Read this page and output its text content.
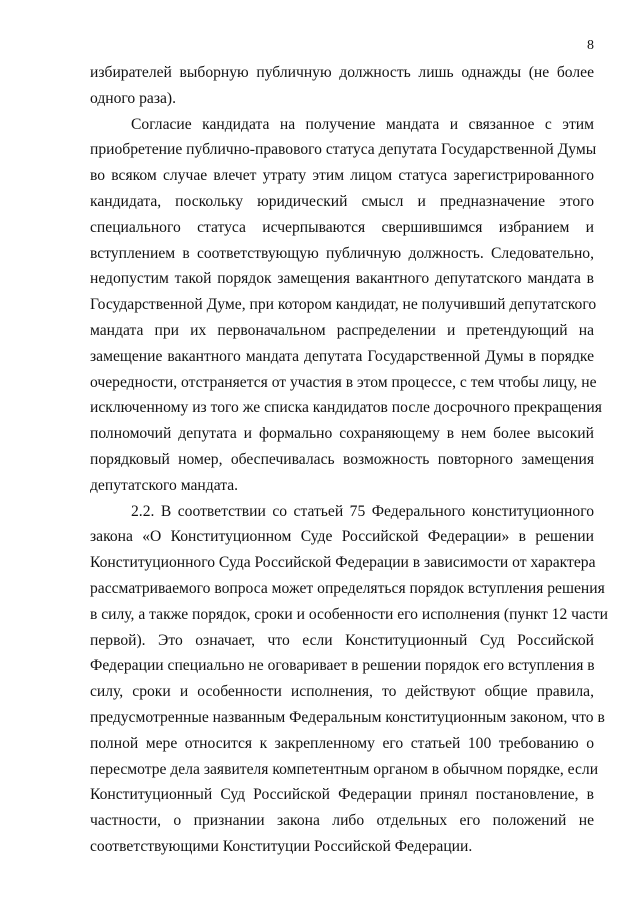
8
избирателей выборную публичную должность лишь однажды (не более
одного раза).
Согласие кандидата на получение мандата и связанное с этим
приобретение публично-правового статуса депутата Государственной Думы
во всяком случае влечет утрату этим лицом статуса зарегистрированного
кандидата, поскольку юридический смысл и предназначение этого
специального статуса исчерпываются свершившимся избранием и
вступлением в соответствующую публичную должность. Следовательно,
недопустим такой порядок замещения вакантного депутатского мандата в
Государственной Думе, при котором кандидат, не получивший депутатского
мандата при их первоначальном распределении и претендующий на
замещение вакантного мандата депутата Государственной Думы в порядке
очередности, отстраняется от участия в этом процессе, с тем чтобы лицу, не
исключенному из того же списка кандидатов после досрочного прекращения
полномочий депутата и формально сохраняющему в нем более высокий
порядковый номер, обеспечивалась возможность повторного замещения
депутатского мандата.
2.2. В соответствии со статьей 75 Федерального конституционного
закона «О Конституционном Суде Российской Федерации» в решении
Конституционного Суда Российской Федерации в зависимости от характера
рассматриваемого вопроса может определяться порядок вступления решения
в силу, а также порядок, сроки и особенности его исполнения (пункт 12 части
первой). Это означает, что если Конституционный Суд Российской
Федерации специально не оговаривает в решении порядок его вступления в
силу, сроки и особенности исполнения, то действуют общие правила,
предусмотренные названным Федеральным конституционным законом, что в
полной мере относится к закрепленному его статьей 100 требованию о
пересмотре дела заявителя компетентным органом в обычном порядке, если
Конституционный Суд Российской Федерации принял постановление, в
частности, о признании закона либо отдельных его положений не
соответствующими Конституции Российской Федерации.
